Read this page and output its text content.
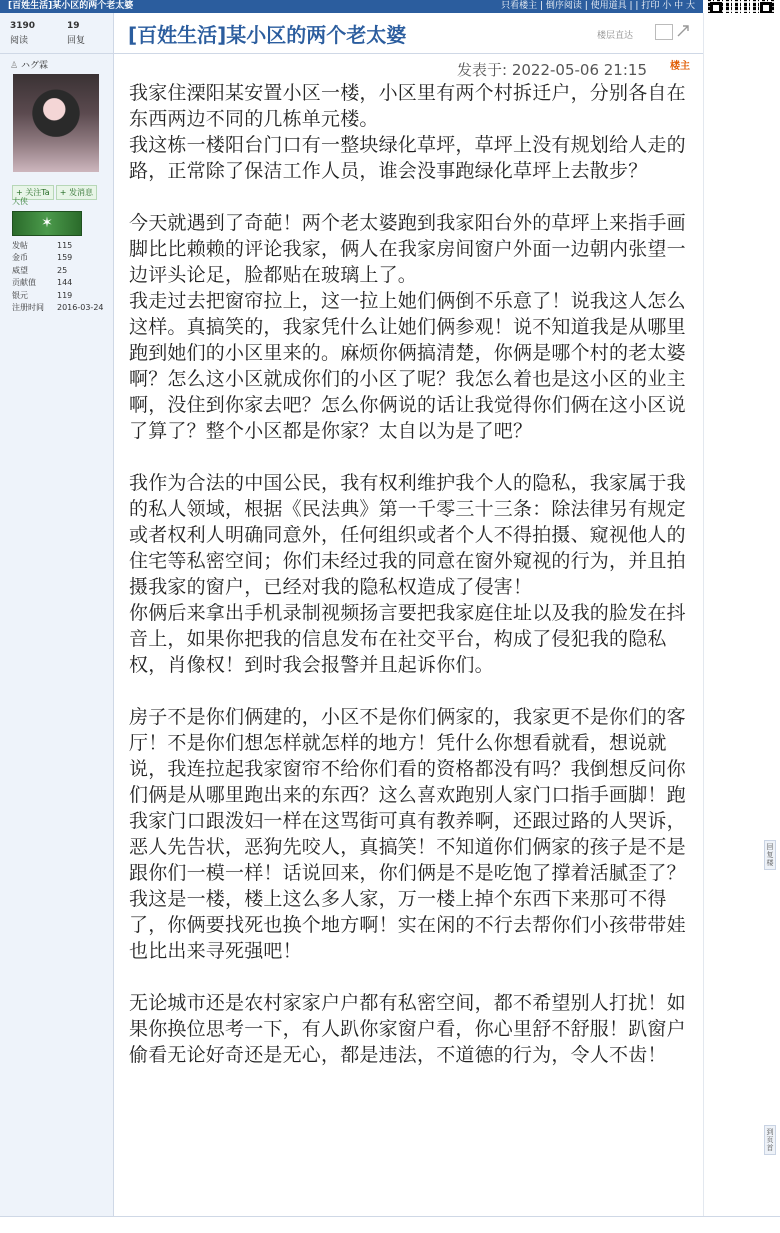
[百姓生活]某小区的两个老太婆	只看楼主 | 倒序阅读 | 使用道具 | | 打印 小 中 大
3190
阅读
19
回复
♙ ハグ霖
+ 关注Ta + 发消息
大侠
✶
发帖	115
金币	159
威望	25
贡献值	144
银元	119
注册时间 2016-03-24
[百姓生活]某小区的两个老太婆	楼层直达
发表于: 2022-05-06 21:15 楼主

我家住溧阳某安置小区一楼，小区里有两个村拆迁户，分别各自在东西两边不同的几栋单元楼。

我这栋一楼阳台门口有一整块绿化草坪，草坪上没有规划给人走的路，正常除了保洁工作人员，谁会没事跑绿化草坪上去散步？

今天就遇到了奇葩！两个老太婆跑到我家阳台外的草坪上来指手画脚比比赖赖的评论我家，俩人在我家房间窗户外面一边朝内张望一边评头论足，脸都贴在玻璃上了。

我走过去把窗帘拉上，这一拉上她们俩倒不乐意了！说我这人怎么这样。真搞笑的，我家凭什么让她们俩参观！说不知道我是从哪里跑到她们的小区里来的。麻烦你俩搞清楚，你俩是哪个村的老太婆啊？怎么这小区就成你们的小区了呢？我怎么着也是这小区的业主啊，没住到你家去吧？怎么你俩说的话让我觉得你们俩在这小区说了算了？整个小区都是你家？太自以为是了吧？

我作为合法的中国公民，我有权利维护我个人的隐私，我家属于我的私人领域，根据《民法典》第一千零三十三条：除法律另有规定或者权利人明确同意外，任何组织或者个人不得拍摄、窥视他人的住宅等私密空间；你们未经过我的同意在窗外窥视的行为，并且拍摄我家的窗户，已经对我的隐私权造成了侵害！

你俩后来拿出手机录制视频扬言要把我家庭住址以及我的脸发在抖音上，如果你把我的信息发布在社交平台，构成了侵犯我的隐私权，肖像权！到时我会报警并且起诉你们。

房子不是你们俩建的，小区不是你们俩家的，我家更不是你们的客厅！不是你们想怎样就怎样的地方！凭什么你想看就看，想说就说，我连拉起我家窗帘不给你们看的资格都没有吗？我倒想反问你们俩是从哪里跑出来的东西？这么喜欢跑别人家门口指手画脚！跑我家门口跟泼妇一样在这骂街可真有教养啊，还跟过路的人哭诉，恶人先告状，恶狗先咬人，真搞笑！不知道你们俩家的孩子是不是跟你们一模一样！话说回来，你们俩是不是吃饱了撑着活腻歪了？我这是一楼，楼上这么多人家，万一楼上掉个东西下来那可不得了，你俩要找死也换个地方啊！实在闲的不行去帮你们小孩带带娃也比出来寻死强吧！

无论城市还是农村家家户户都有私密空间，都不希望别人打扰！如果你换位思考一下，有人趴你家窗户看，你心里舒不舒服！趴窗户偷看无论好奇还是无心，都是违法，不道德的行为，令人不齿！

回复楼
到页首
